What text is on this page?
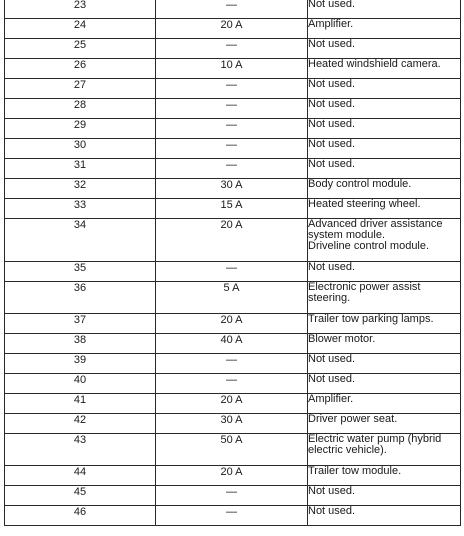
23	—	Not used.

24	20 A	Amplifier.

25	—	Not used.

26	10 A	Heated windshield camera.

27	—	Not used.

28	—	Not used.

29	—	Not used.

30	—	Not used.

31	—	Not used.

32	30 A	Body control module.

33	15 A	Heated steering wheel.

34	20 A	Advanced driver assistance
system module.
Driveline control module.

35	—	Not used.

36	5 A	Electronic power assist
steering.

37	20 A	Trailer tow parking lamps.

38	40 A	Blower motor.

39	—	Not used.

40	—	Not used.

41	20 A	Amplifier.

42	30 A	Driver power seat.

43	50 A	Electric water pump (hybrid
electric vehicle).

44	20 A	Trailer tow module.

45	—	Not used.

46	—	Not used.
